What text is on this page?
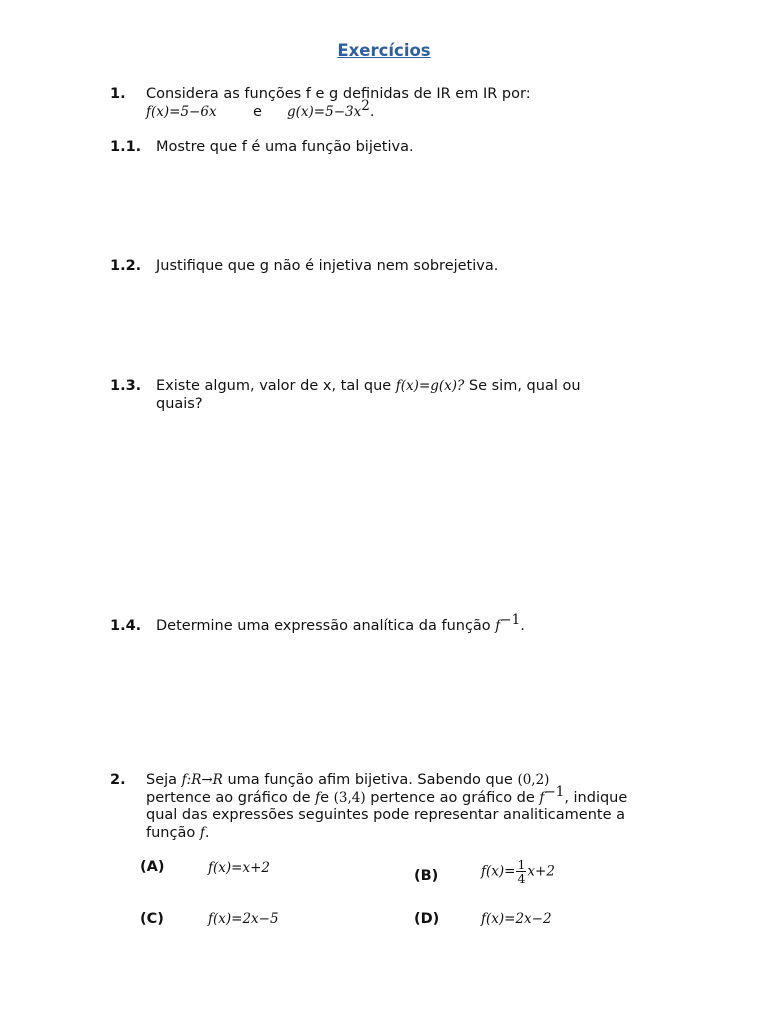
Exercícios
1. Considera as funções f e g definidas de IR em IR por:
f(x)=5−6x	e $g(x)=5-3x^2$.
1.1. Mostre que f é uma função bijetiva.
1.2. Justifique que g não é injetiva nem sobrejetiva.
1.3. Existe algum, valor de x, tal que f(x)=g(x)? Se sim, qual ou
quais?
1.4. Determine uma expressão analítica da função $f^{-1}$.
2. Seja f:R→R uma função afim bijetiva. Sabendo que (0,2)
pertence ao gráfico de fe (3,4) pertence ao gráfico de $f^{-1}$, indique
qual das expressões seguintes pode representar analiticamente a
função f.
(A)	f(x)=x+2	(B)	$f(x)= \frac{1}{4} x+2$
(C)	f(x)=2x−5	(D)	f(x)=2x−2
